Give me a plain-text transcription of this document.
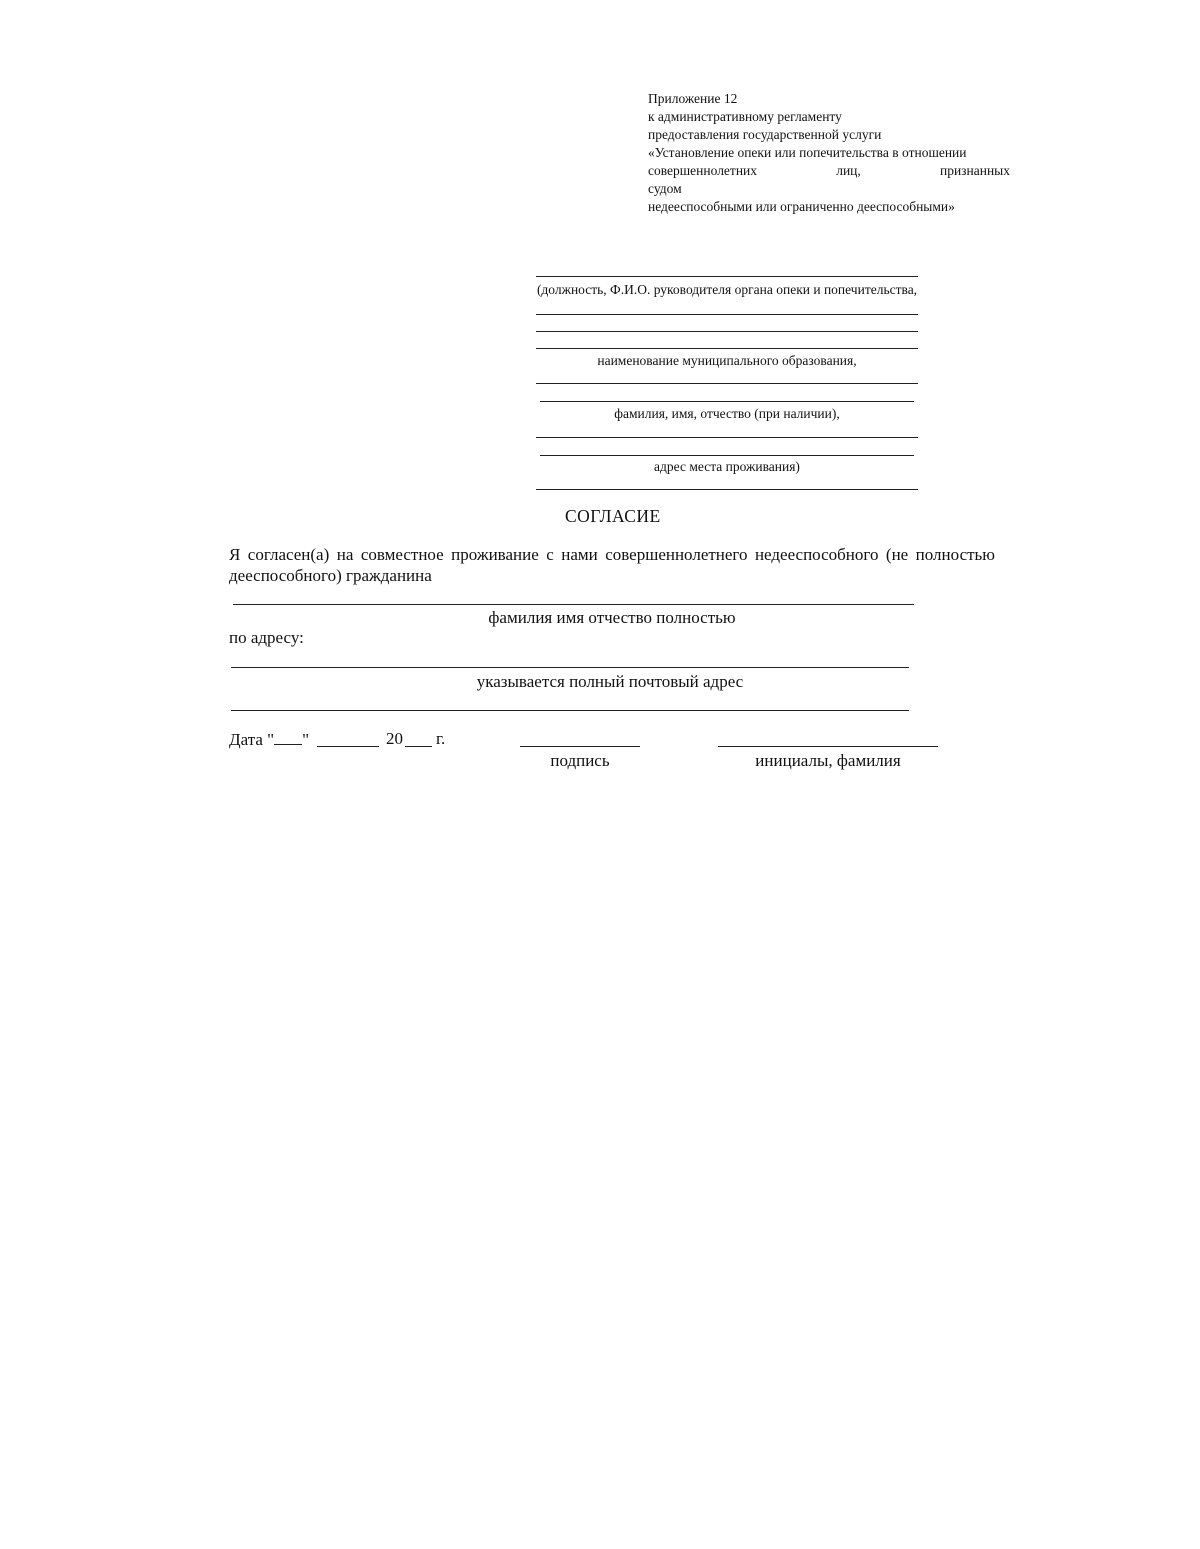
Приложение 12
к административному регламенту
предоставления государственной услуги
«Установление опеки или попечительства в отношении
совершеннолетних лиц, признанных судом
недееспособными или ограниченно дееспособными»
(должность, Ф.И.О. руководителя органа опеки и попечительства,
наименование муниципального образования,
фамилия, имя, отчество (при наличии),
адрес места проживания)
СОГЛАСИЕ
Я согласен(а) на совместное проживание с нами совершеннолетнего недееспособного (не полностью дееспособного) гражданина
фамилия имя отчество полностью
по адресу:
указывается полный почтовый адрес
Дата " "	20 г.
подпись	инициалы, фамилия
